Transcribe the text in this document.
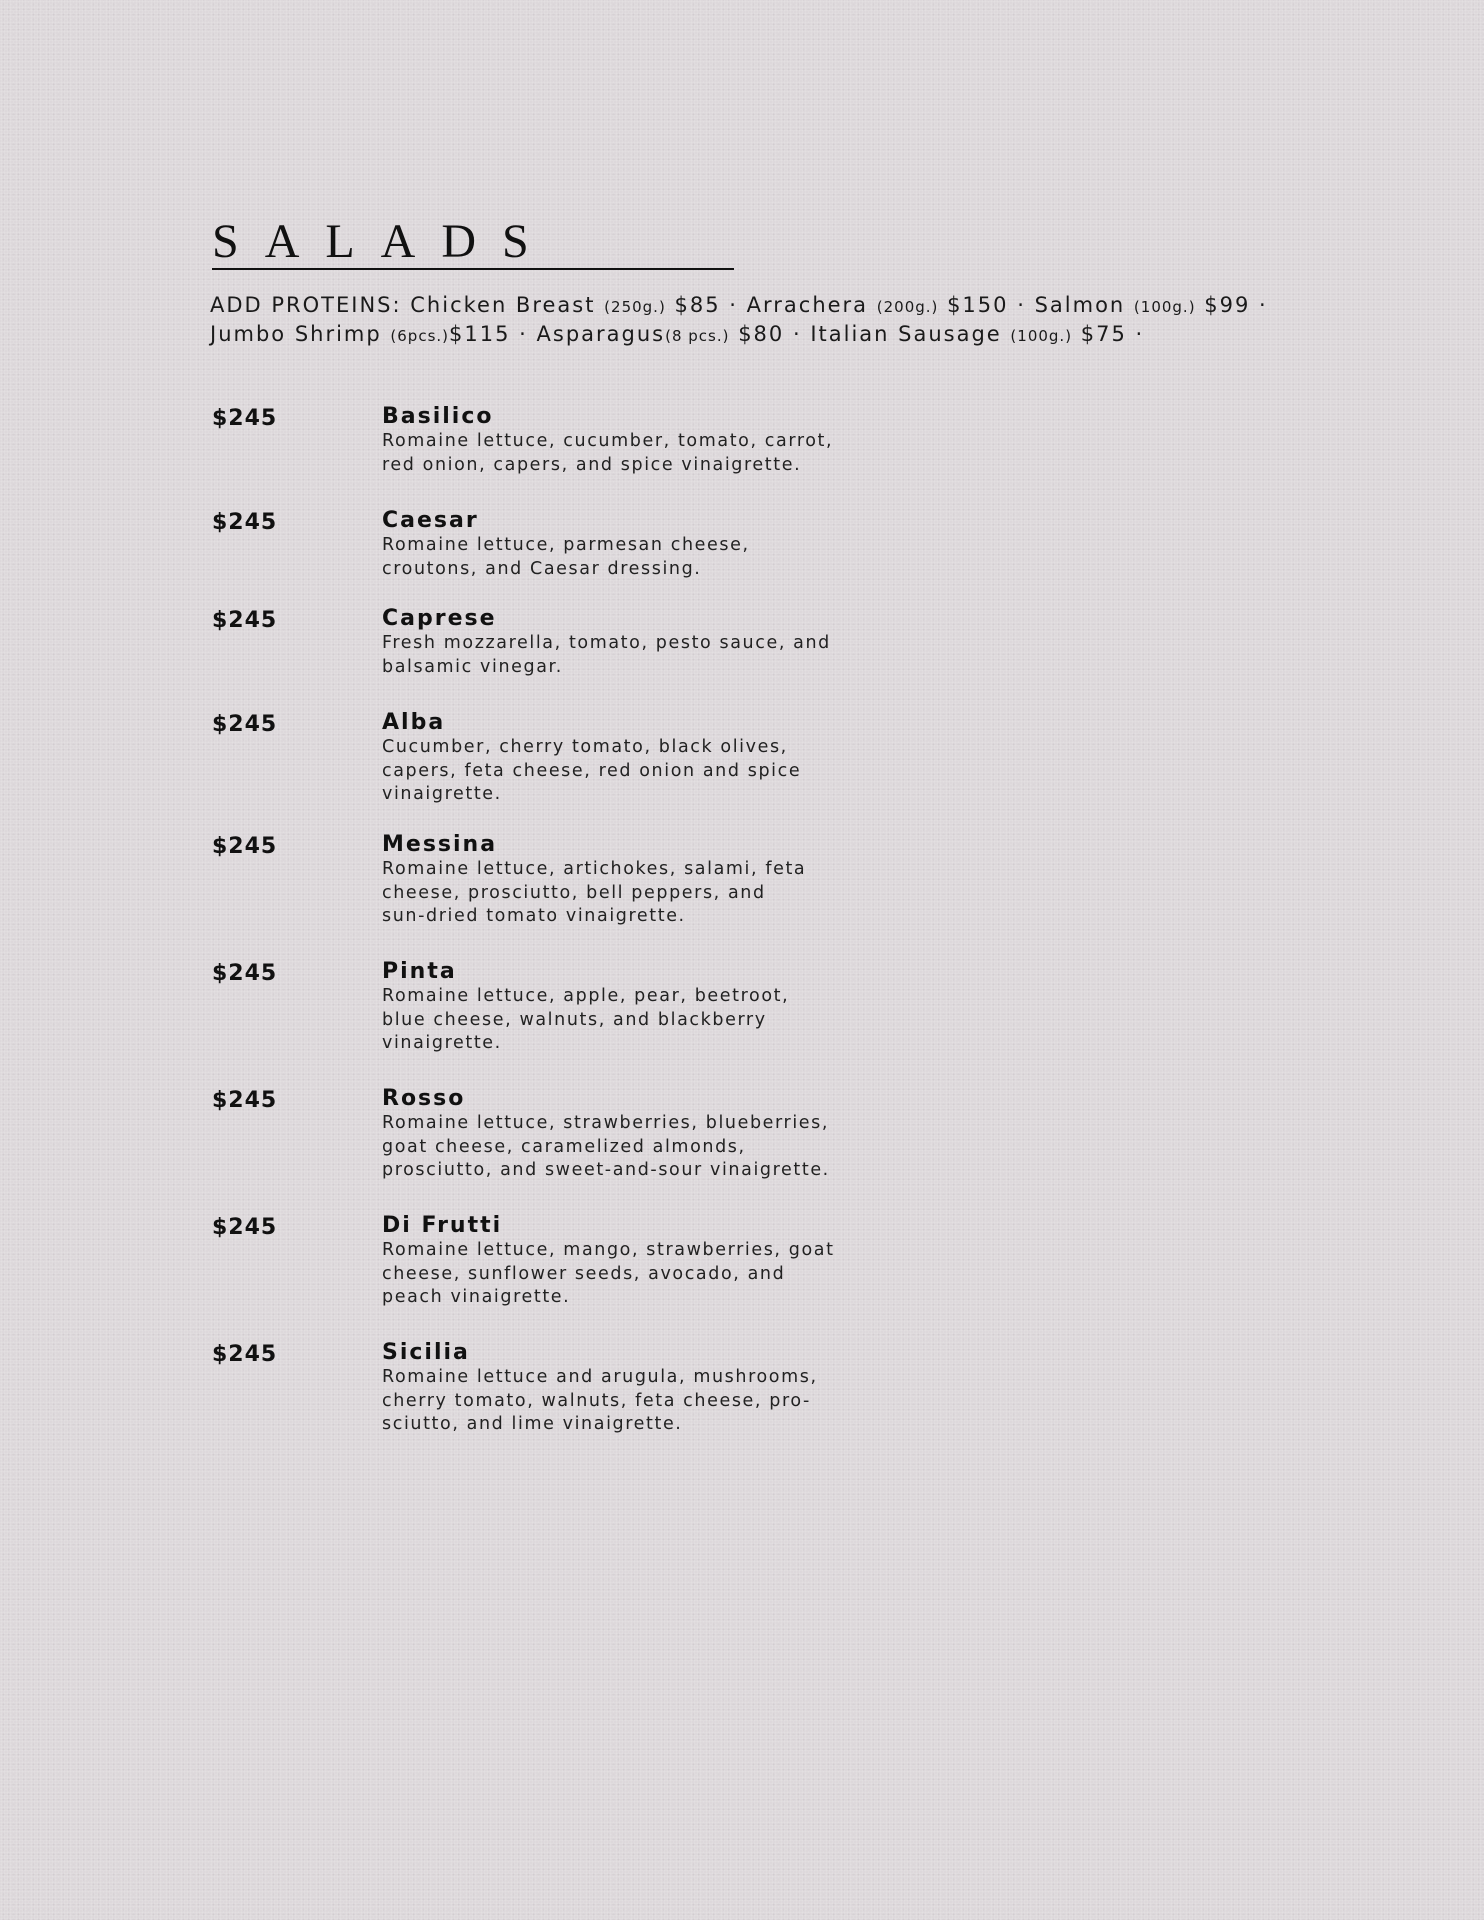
SALADS
ADD PROTEINS: Chicken Breast (250g.) $85 · Arrachera (200g.) $150 · Salmon (100g.) $99 ·
Jumbo Shrimp (6pcs.)$115 · Asparagus(8 pcs.) $80 · Italian Sausage (100g.) $75 ·
$245	Basilico
Romaine lettuce, cucumber, tomato, carrot,
red onion, capers, and spice vinaigrette.
$245	Caesar
Romaine lettuce, parmesan cheese,
croutons, and Caesar dressing.
$245	Caprese
Fresh mozzarella, tomato, pesto sauce, and
balsamic vinegar.
$245	Alba
Cucumber, cherry tomato, black olives,
capers, feta cheese, red onion and spice
vinaigrette.
$245	Messina
Romaine lettuce, artichokes, salami, feta
cheese, prosciutto, bell peppers, and
sun-dried tomato vinaigrette.
$245	Pinta
Romaine lettuce, apple, pear, beetroot,
blue cheese, walnuts, and blackberry
vinaigrette.
$245	Rosso
Romaine lettuce, strawberries, blueberries,
goat cheese, caramelized almonds,
prosciutto, and sweet-and-sour vinaigrette.
$245	Di Frutti
Romaine lettuce, mango, strawberries, goat
cheese, sunflower seeds, avocado, and
peach vinaigrette.
$245	Sicilia
Romaine lettuce and arugula, mushrooms,
cherry tomato, walnuts, feta cheese, pro-
sciutto, and lime vinaigrette.
